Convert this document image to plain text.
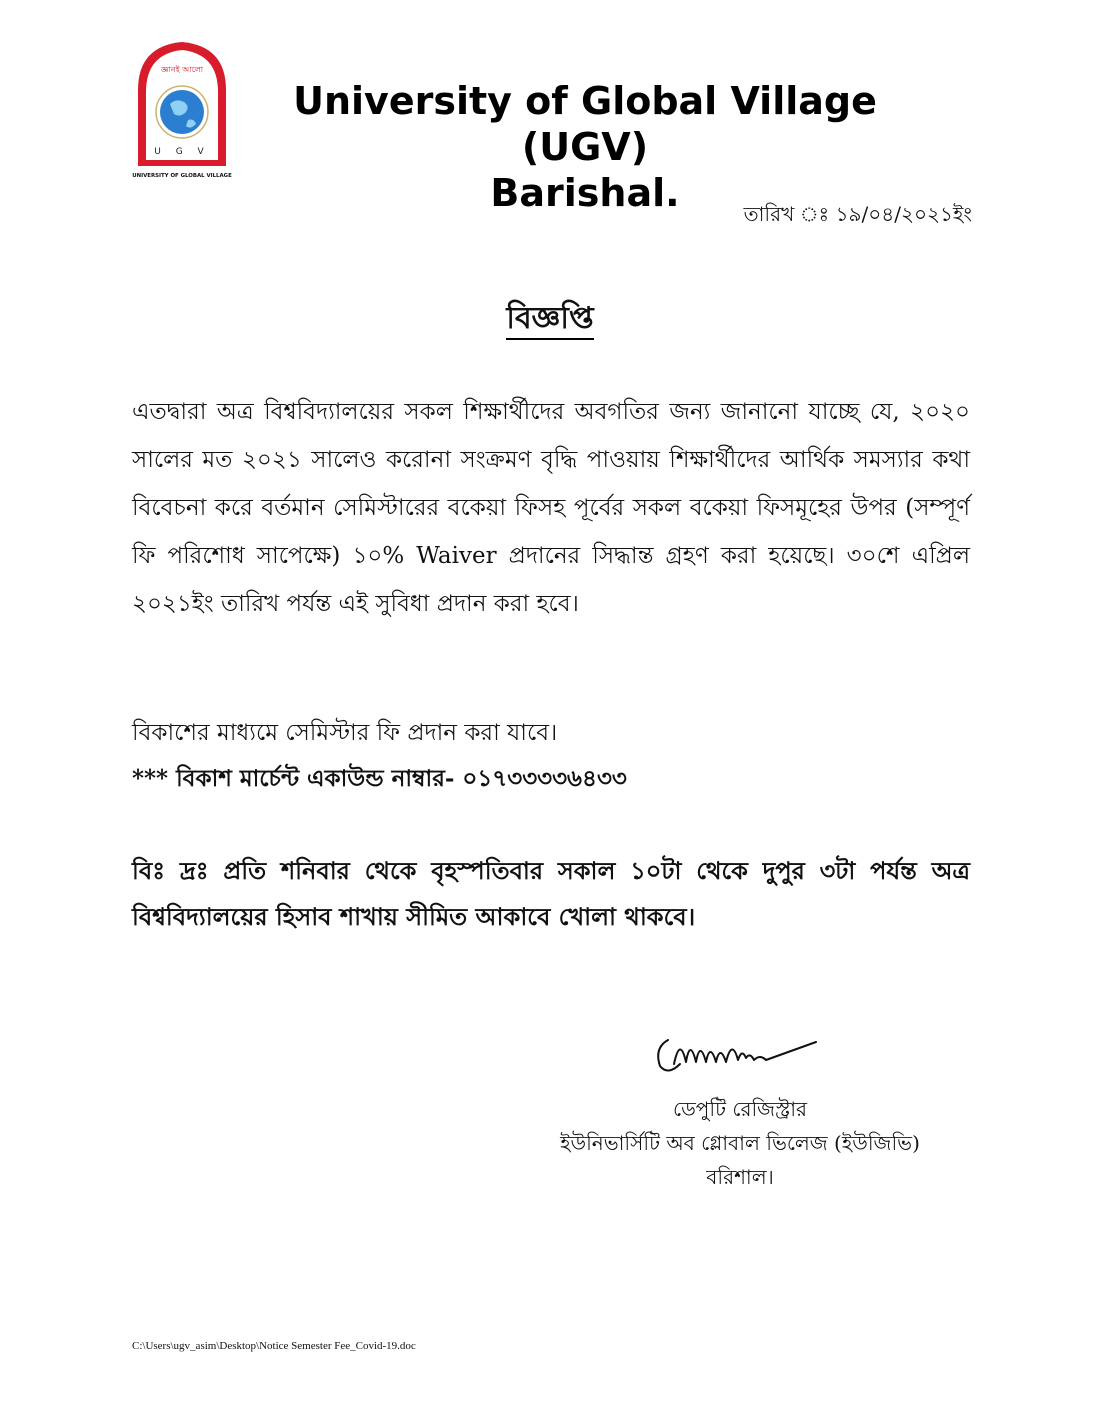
জ্ঞানই আলো
U G V
UNIVERSITY OF GLOBAL VILLAGE
University of Global Village (UGV)
Barishal.	তারিখ ঃ ১৯/০৪/২০২১ইং
বিজ্ঞপ্তি
এতদ্বারা অত্র বিশ্ববিদ্যালয়ের সকল শিক্ষার্থীদের অবগতির জন্য জানানো যাচ্ছে যে, ২০২০ সালের মত ২০২১ সালেও করোনা সংক্রমণ বৃদ্ধি পাওয়ায় শিক্ষার্থীদের আর্থিক সমস্যার কথা বিবেচনা করে বর্তমান সেমিস্টারের বকেয়া ফিসহ পূর্বের সকল বকেয়া ফিসমূহের উপর (সম্পূর্ণ ফি পরিশোধ সাপেক্ষে) ১০% Waiver প্রদানের সিদ্ধান্ত গ্রহণ করা হয়েছে। ৩০শে এপ্রিল ২০২১ইং তারিখ পর্যন্ত এই সুবিধা প্রদান করা হবে।
বিকাশের মাধ্যমে সেমিস্টার ফি প্রদান করা যাবে।
*** বিকাশ মার্চেন্ট একাউন্ড নাম্বার- ০১৭৩৩৩৩৬৪৩৩
বিঃ দ্রঃ প্রতি শনিবার থেকে বৃহস্পতিবার সকাল ১০টা থেকে দুপুর ৩টা পর্যন্ত অত্র বিশ্ববিদ্যালয়ের হিসাব শাখায় সীমিত আকাবে খোলা থাকবে।
ডেপুটি রেজিস্ট্রার
ইউনিভার্সিটি অব গ্লোবাল ভিলেজ (ইউজিভি)
বরিশাল।
C:\Users\ugv_asim\Desktop\Notice Semester Fee_Covid-19.doc
